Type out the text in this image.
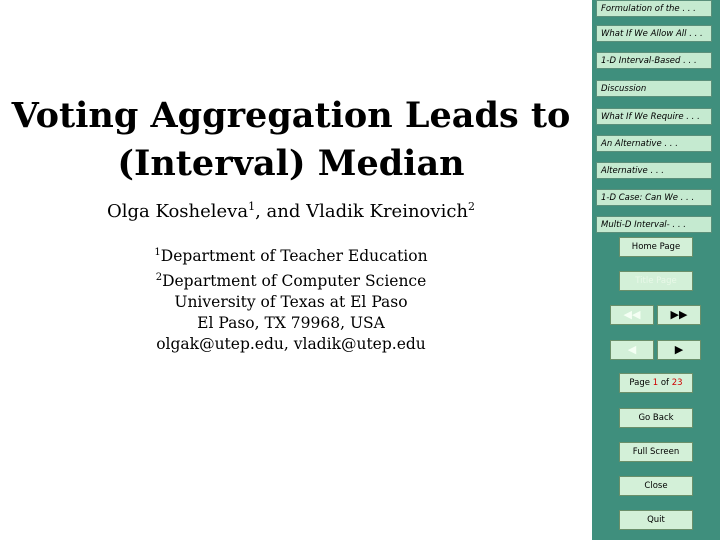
Voting Aggregation Leads to
(Interval) Median
Olga Kosheleva$^1$, and Vladik Kreinovich$^2$
$^1$Department of Teacher Education
$^2$Department of Computer Science
University of Texas at El Paso
El Paso, TX 79968, USA
olgak@utep.edu, vladik@utep.edu
Formulation of the . . .
What If We Allow All . . .
1-D Interval-Based . . .
Discussion
What If We Require . . .
An Alternative . . .
Alternative . . .
1-D Case: Can We . . .
Multi-D Interval- . . .
Home Page
Title Page
◀◀	▶▶
◀	▶
Page 1 of 23
Go Back
Full Screen
Close
Quit
